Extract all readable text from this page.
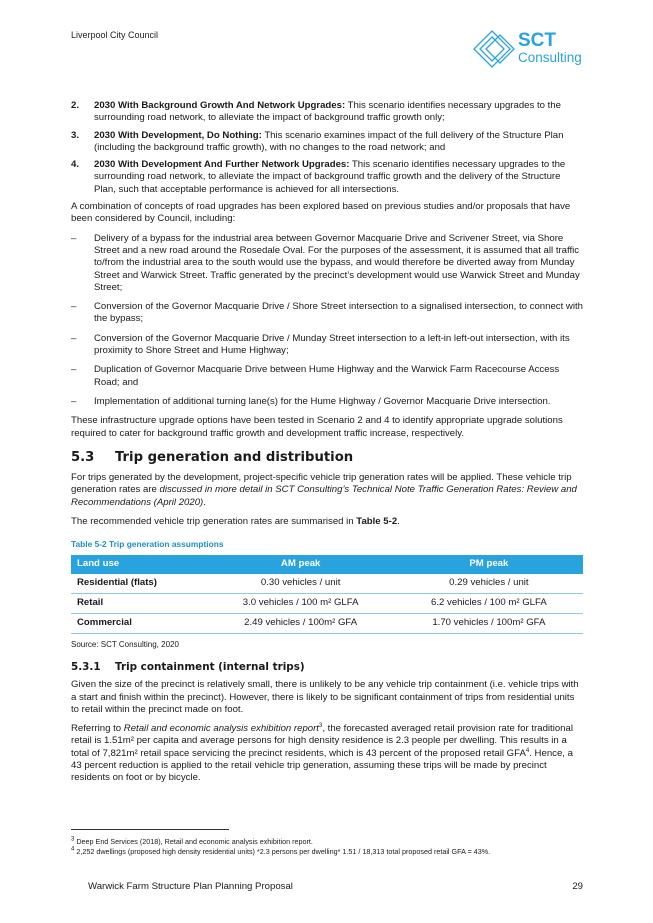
Liverpool City Council	SCT
Consulting
2.	2030 With Background Growth And Network Upgrades: This scenario identifies necessary upgrades to the surrounding road network, to alleviate the impact of background traffic growth only;
3.	2030 With Development, Do Nothing: This scenario examines impact of the full delivery of the Structure Plan (including the background traffic growth), with no changes to the road network; and
4.	2030 With Development And Further Network Upgrades: This scenario identifies necessary upgrades to the surrounding road network, to alleviate the impact of background traffic growth and the delivery of the Structure Plan, such that acceptable performance is achieved for all intersections.

A combination of concepts of road upgrades has been explored based on previous studies and/or proposals that have been considered by Council, including:

–	Delivery of a bypass for the industrial area between Governor Macquarie Drive and Scrivener Street, via Shore Street and a new road around the Rosedale Oval. For the purposes of the assessment, it is assumed that all traffic to/from the industrial area to the south would use the bypass, and would therefore be diverted away from Munday Street and Warwick Street. Traffic generated by the precinct’s development would use Warwick Street and Munday Street;
–	Conversion of the Governor Macquarie Drive / Shore Street intersection to a signalised intersection, to connect with the bypass;
–	Conversion of the Governor Macquarie Drive / Munday Street intersection to a left-in left-out intersection, with its proximity to Shore Street and Hume Highway;
–	Duplication of Governor Macquarie Drive between Hume Highway and the Warwick Farm Racecourse Access Road; and
–	Implementation of additional turning lane(s) for the Hume Highway / Governor Macquarie Drive intersection.

These infrastructure upgrade options have been tested in Scenario 2 and 4 to identify appropriate upgrade solutions required to cater for background traffic growth and development traffic increase, respectively.

5.3	Trip generation and distribution

For trips generated by the development, project-specific vehicle trip generation rates will be applied. These vehicle trip generation rates are discussed in more detail in SCT Consulting’s Technical Note Traffic Generation Rates: Review and Recommendations (April 2020).

The recommended vehicle trip generation rates are summarised in Table 5-2.

Table 5-2 Trip generation assumptions
Land use	AM peak	PM peak
Residential (flats)	0.30 vehicles / unit	0.29 vehicles / unit
Retail	3.0 vehicles / 100 m² GLFA	6.2 vehicles / 100 m² GLFA
Commercial	2.49 vehicles / 100m² GFA	1.70 vehicles / 100m² GFA
Source: SCT Consulting, 2020
5.3.1	Trip containment (internal trips)

Given the size of the precinct is relatively small, there is unlikely to be any vehicle trip containment (i.e. vehicle trips with a start and finish within the precinct). However, there is likely to be significant containment of trips from residential units to retail within the precinct made on foot.

Referring to Retail and economic analysis exhibition report$^3$, the forecasted averaged retail provision rate for traditional retail is 1.51m² per capita and average persons for high density residence is 2.3 people per dwelling. This results in a total of 7,821m² retail space servicing the precinct residents, which is 43 percent of the proposed retail GFA$^4$. Hence, a 43 percent reduction is applied to the retail vehicle trip generation, assuming these trips will be made by precinct residents on foot or by bicycle.

$^3$ Deep End Services (2018), Retail and economic analysis exhibition report.
$^4$ 2,252 dwellings (proposed high density residential units) *2.3 persons per dwelling* 1.51 / 18,313 total proposed retail GFA = 43%.
Warwick Farm Structure Plan Planning Proposal	29
